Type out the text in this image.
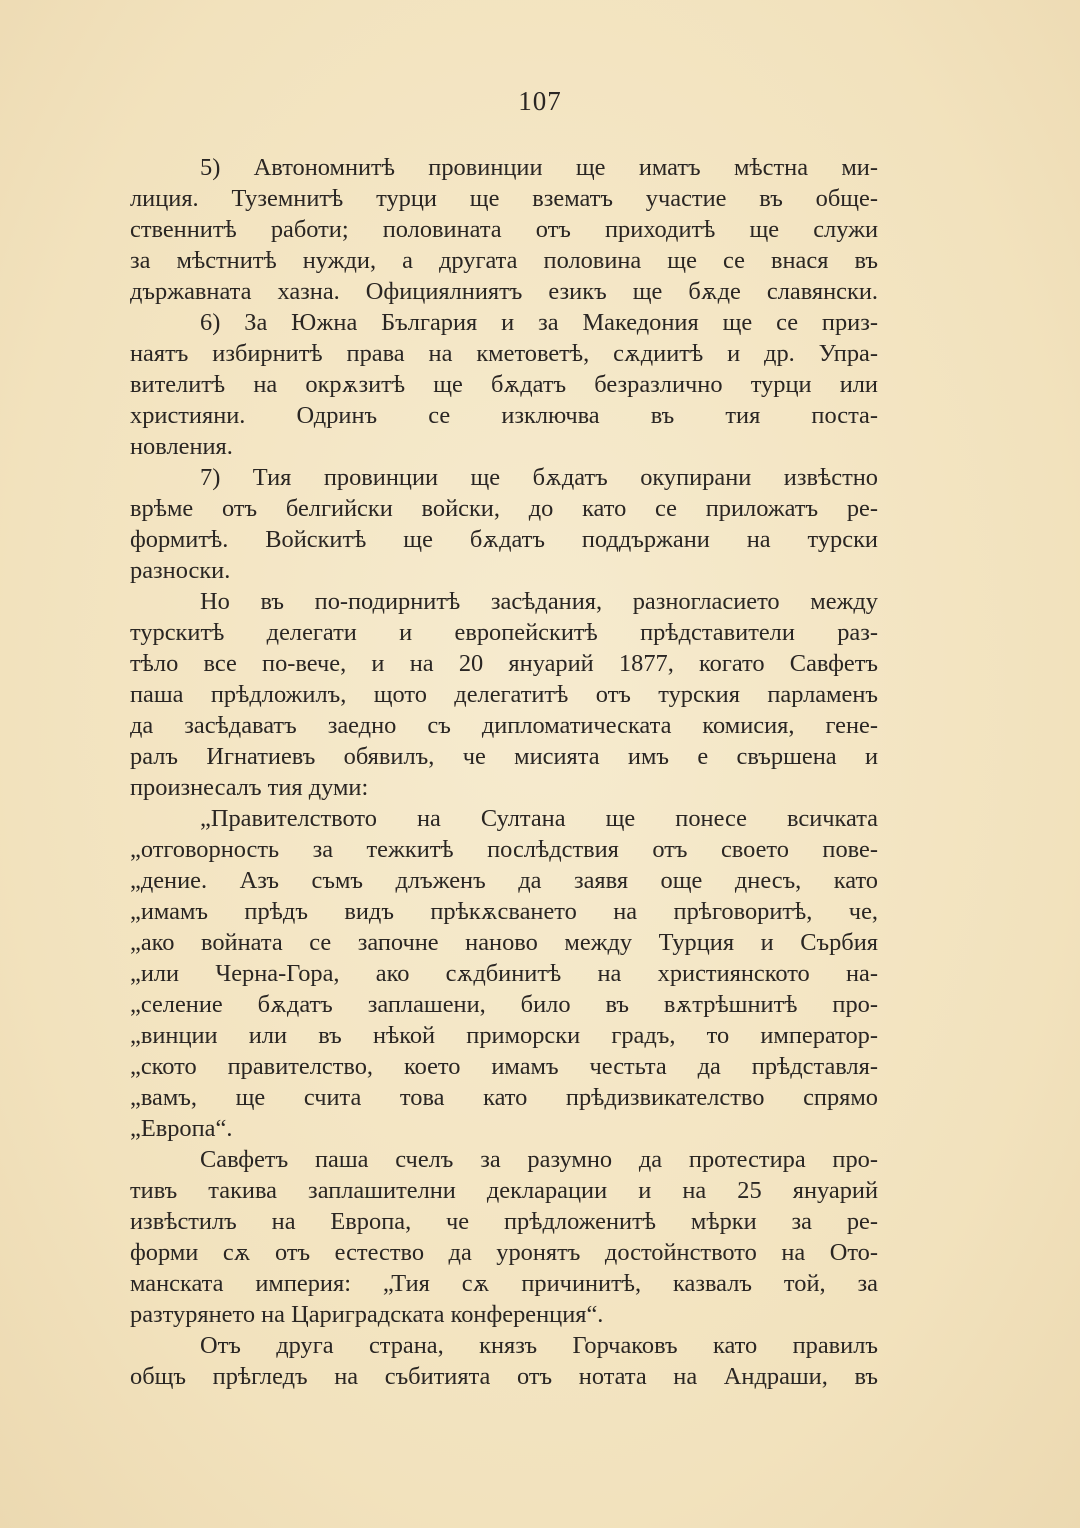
107
5) Автономнитѣ провинции ще иматъ мѣстна ми-
лиция. Туземнитѣ турци ще взематъ участие въ обще-
ственнитѣ работи; половината отъ приходитѣ ще служи
за мѣстнитѣ нужди, а другата половина ще се внася въ
държавната хазна. Официялниятъ езикъ ще бѫде славянски.
6) За Южна България и за Македония ще се приз-
наятъ избирнитѣ права на кметоветѣ, сѫдиитѣ и др. Упра-
вителитѣ на окрѫзитѣ ще бѫдатъ безразлично турци или
християни. Одринъ се изключва въ тия поста-
новления.
7) Тия провинции ще бѫдатъ окупирани извѣстно
врѣме отъ белгийски войски, до като се приложатъ ре-
формитѣ. Войскитѣ ще бѫдатъ поддържани на турски
разноски.
Но въ по-подирнитѣ засѣдания, разногласието между
турскитѣ делегати и европейскитѣ прѣдставители раз-
тѣло все по-вече, и на 20 януарий 1877, когато Савфетъ
паша прѣдложилъ, щото делегатитѣ отъ турския парламенъ
да засѣдаватъ заедно съ дипломатическата комисия, гене-
ралъ Игнатиевъ обявилъ, че мисията имъ е свършена и
произнесалъ тия думи:
„Правителството на Султана ще понесе всичката
„отговорность за тежкитѣ послѣдствия отъ своето пове-
„дение. Азъ съмъ длъженъ да заявя още днесъ, като
„имамъ прѣдъ видъ прѣкѫсването на прѣговоритѣ, че,
„ако войната се започне наново между Турция и Сърбия
„или Черна-Гора, ако сѫдбинитѣ на християнското на-
„селение бѫдатъ заплашени, било въ вѫтрѣшнитѣ про-
„винции или въ нѣкой приморски градъ, то император-
„ското правителство, което имамъ честьта да прѣдставля-
„вамъ, ще счита това като прѣдизвикателство спрямо
„Европа“.
Савфетъ паша счелъ за разумно да протестира про-
тивъ такива заплашителни декларации и на 25 януарий
извѣстилъ на Европа, че прѣдложенитѣ мѣрки за ре-
форми сѫ отъ естество да уронятъ достойнството на Ото-
манската империя: „Тия сѫ причинитѣ, казвалъ той, за
разтурянето на Цариградската конференция“.
Отъ друга страна, князъ Горчаковъ като правилъ
общъ прѣгледъ на събитията отъ нотата на Андраши, въ
